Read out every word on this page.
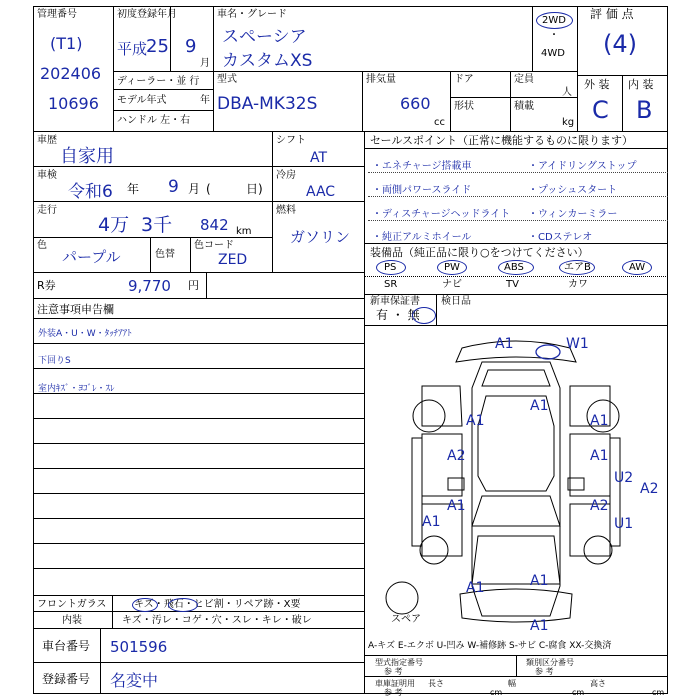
管理番号
(T1)
202406
10696
初度登録年月
平成
25 9
月
ディーラー・並 行
モデル年式	年
ハンドル 左・右
車名・グレード
スペーシア
カスタムXS
2WD
・
4WD
評 価 点
(4)
外 装 内 装
C B
型式
DBA-MK32S
排気量
660
cc
ドア
形状
定員
人
積載
kg
車歴
自家用
車検
令和6 年 9 月 (	日)
走行
4万 3千 842 km
色
パープル	色替
色コード
ZED
シフト
AT
冷房
AAC
燃料
ガソリン
R券	9,770 円
セールスポイント（正常に機能するものに限ります）
・エネチャージ搭載車	・アイドリングストップ
・両側パワースライド	・プッシュスタート
・ディスチャージヘッドライト ・ウィンカーミラー
・純正アルミホイール	・CDステレオ
装備品（純正品に限り○をつけてください）
PS	PW	ABS	エアB	AW
SR	ナビ	TV	カワ
新車保証書
有 ・ 無
検日品
注意事項申告欄
外装A・U・W・ﾀｯﾁｱｱﾄ
下回りS
室内ｷｽﾞ・ﾖｺﾞﾚ・ｽﾚ
フロントガラス	キズ・飛石・ヒビ割・リペア跡・X要
内装	キズ・汚レ・コゲ・穴・スレ・キレ・破レ
車台番号 501596
登録番号 名変中
A-キズ E-エクボ U-凹み W-補修跡 S-サビ C-腐食 XX-交換済
型式指定番号
参 考
類別区分番号
参 考
車庫証明用
参 考
長さ
cm
幅
cm
高さ
cm
A1	W1
A1
A1	A1
A2	A1
U2
A2
A1
A1
A2
U1
A1
A1
A1
スペア
